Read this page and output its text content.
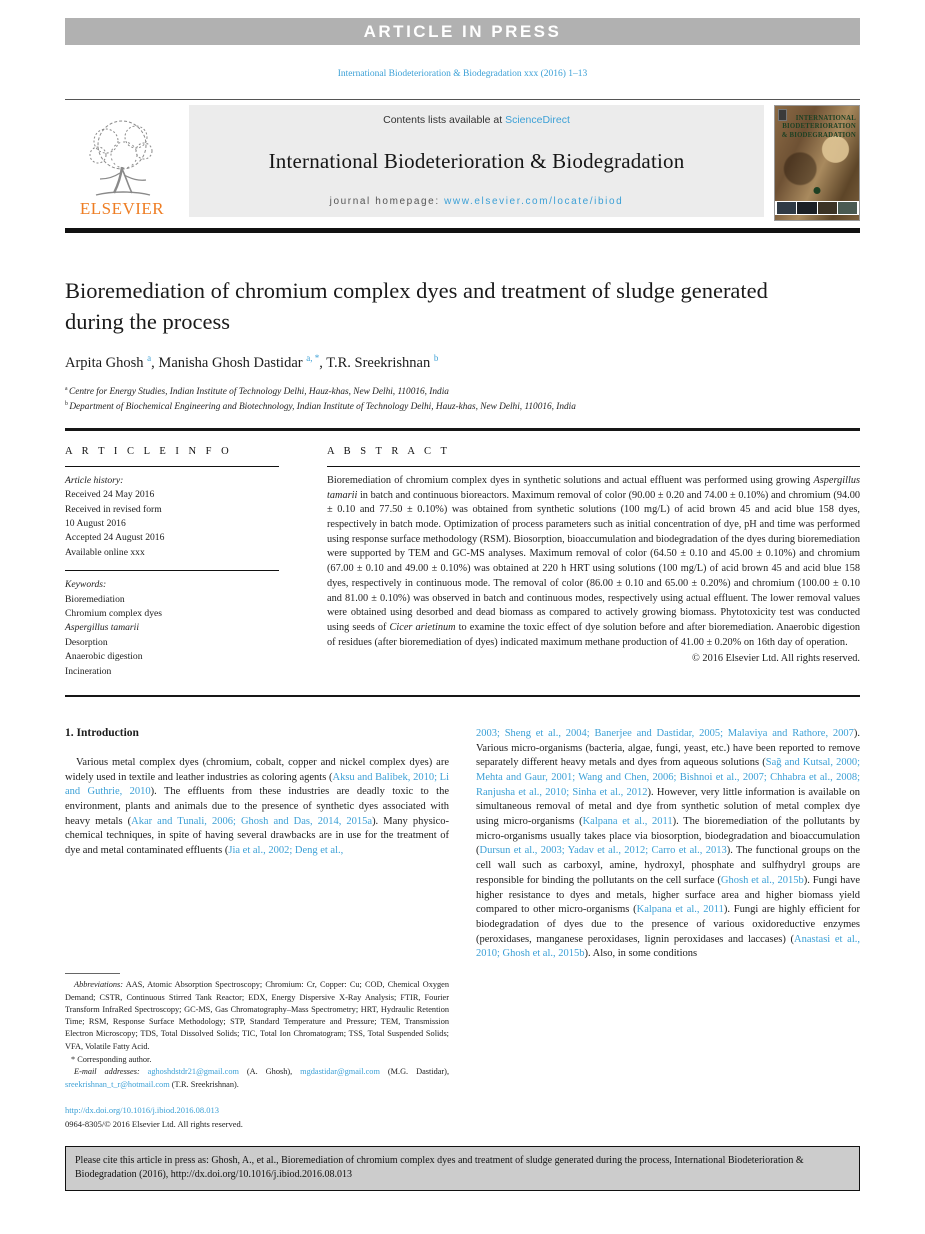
ARTICLE IN PRESS
International Biodeterioration & Biodegradation xxx (2016) 1–13
ELSEVIER
Contents lists available at ScienceDirect
International Biodeterioration & Biodegradation
journal homepage: www.elsevier.com/locate/ibiod
INTERNATIONAL
BIODETERIORATION
& BIODEGRADATION
Bioremediation of chromium complex dyes and treatment of sludge generated during the process
Arpita Ghosh $^a$, Manisha Ghosh Dastidar $^{a, *}$, T.R. Sreekrishnan $^b$
$^a$ Centre for Energy Studies, Indian Institute of Technology Delhi, Hauz-khas, New Delhi, 110016, India
$^b$ Department of Biochemical Engineering and Biotechnology, Indian Institute of Technology Delhi, Hauz-khas, New Delhi, 110016, India
A R T I C L E I N F O
Article history:
Received 24 May 2016
Received in revised form
10 August 2016
Accepted 24 August 2016
Available online xxx
Keywords:
Bioremediation
Chromium complex dyes
Aspergillus tamarii
Desorption
Anaerobic digestion
Incineration
A B S T R A C T

Bioremediation of chromium complex dyes in synthetic solutions and actual effluent was performed using growing Aspergillus tamarii in batch and continuous bioreactors. Maximum removal of color (90.00 ± 0.20 and 74.00 ± 0.10%) and chromium (94.00 ± 0.10 and 77.50 ± 0.10%) was obtained from synthetic solutions (100 mg/L) of acid brown 45 and acid blue 158 dyes, respectively in batch mode. Optimization of process parameters such as initial concentration of dye, pH and time was performed using response surface methodology (RSM). Biosorption, bioaccumulation and biodegradation of the dyes during bioremediation were supported by TEM and GC-MS analyses. Maximum removal of color (64.50 ± 0.10 and 45.00 ± 0.10%) and chromium (67.00 ± 0.10 and 49.00 ± 0.10%) was obtained at 220 h HRT using solutions (100 mg/L) of acid brown 45 and acid blue 158 dyes, respectively in continuous mode. The removal of color (86.00 ± 0.10 and 65.00 ± 0.20%) and chromium (100.00 ± 0.10 and 81.00 ± 0.10%) was observed in batch and continuous modes, respectively using actual effluent. The lower removal values were obtained using desorbed and dead biomass as compared to actively growing biomass. Phytotoxicity test was conducted using seeds of Cicer arietinum to examine the toxic effect of dye solution before and after bioremediation. Anaerobic digestion of residues (after bioremediation of dyes) indicated maximum methane production of 41.00 ± 0.20% on 16th day of operation.

© 2016 Elsevier Ltd. All rights reserved.
1. Introduction

Various metal complex dyes (chromium, cobalt, copper and nickel complex dyes) are widely used in textile and leather industries as coloring agents (Aksu and Balibek, 2010; Li and Guthrie, 2010). The effluents from these industries are deadly toxic to the environment, plants and animals due to the presence of synthetic dyes associated with heavy metals (Akar and Tunali, 2006; Ghosh and Das, 2014, 2015a). Many physico-chemical techniques, in spite of having several drawbacks are in use for the treatment of dye and metal contaminated effluents (Jia et al., 2002; Deng et al.,

Abbreviations: AAS, Atomic Absorption Spectroscopy; Chromium: Cr, Copper: Cu; COD, Chemical Oxygen Demand; CSTR, Continuous Stirred Tank Reactor; EDX, Energy Dispersive X-Ray Analysis; FTIR, Fourier Transform InfraRed Spectroscopy; GC-MS, Gas Chromatography–Mass Spectrometry; HRT, Hydraulic Retention Time; RSM, Response Surface Methodology; STP, Standard Temperature and Pressure; TEM, Transmission Electron Microscopy; TDS, Total Dissolved Solids; TIC, Total Ion Chromatogram; TSS, Total Suspended Solids; VFA, Volatile Fatty Acid.

* Corresponding author.

E-mail addresses: aghoshdstdr21@gmail.com (A. Ghosh), mgdastidar@gmail.com (M.G. Dastidar), sreekrishnan_t_r@hotmail.com (T.R. Sreekrishnan).

http://dx.doi.org/10.1016/j.ibiod.2016.08.013
0964-8305/© 2016 Elsevier Ltd. All rights reserved.

2003; Sheng et al., 2004; Banerjee and Dastidar, 2005; Malaviya and Rathore, 2007). Various micro-organisms (bacteria, algae, fungi, yeast, etc.) have been reported to remove separately different heavy metals and dyes from aqueous solutions (Sağ and Kutsal, 2000; Mehta and Gaur, 2001; Wang and Chen, 2006; Bishnoi et al., 2007; Chhabra et al., 2008; Ranjusha et al., 2010; Sinha et al., 2012). However, very little information is available on simultaneous removal of metal and dye from synthetic solution of metal complex dye using micro-organisms (Kalpana et al., 2011). The bioremediation of the pollutants by micro-organisms usually takes place via biosorption, biodegradation and bioaccumulation (Dursun et al., 2003; Yadav et al., 2012; Carro et al., 2013). The functional groups on the cell wall such as carboxyl, amine, hydroxyl, phosphate and sulfhydryl groups are responsible for binding the pollutants on the cell surface (Ghosh et al., 2015b). Fungi have higher resistance to dyes and metals, higher surface area and higher biomass yield compared to other micro-organisms (Kalpana et al., 2011). Fungi are highly efficient for biodegradation of dyes due to the presence of various oxidoreductive enzymes (peroxidases, manganese peroxidases, lignin peroxidases and laccases) (Anastasi et al., 2010; Ghosh et al., 2015b). Also, in some conditions

Please cite this article in press as: Ghosh, A., et al., Bioremediation of chromium complex dyes and treatment of sludge generated during the process, International Biodeterioration & Biodegradation (2016), http://dx.doi.org/10.1016/j.ibiod.2016.08.013
